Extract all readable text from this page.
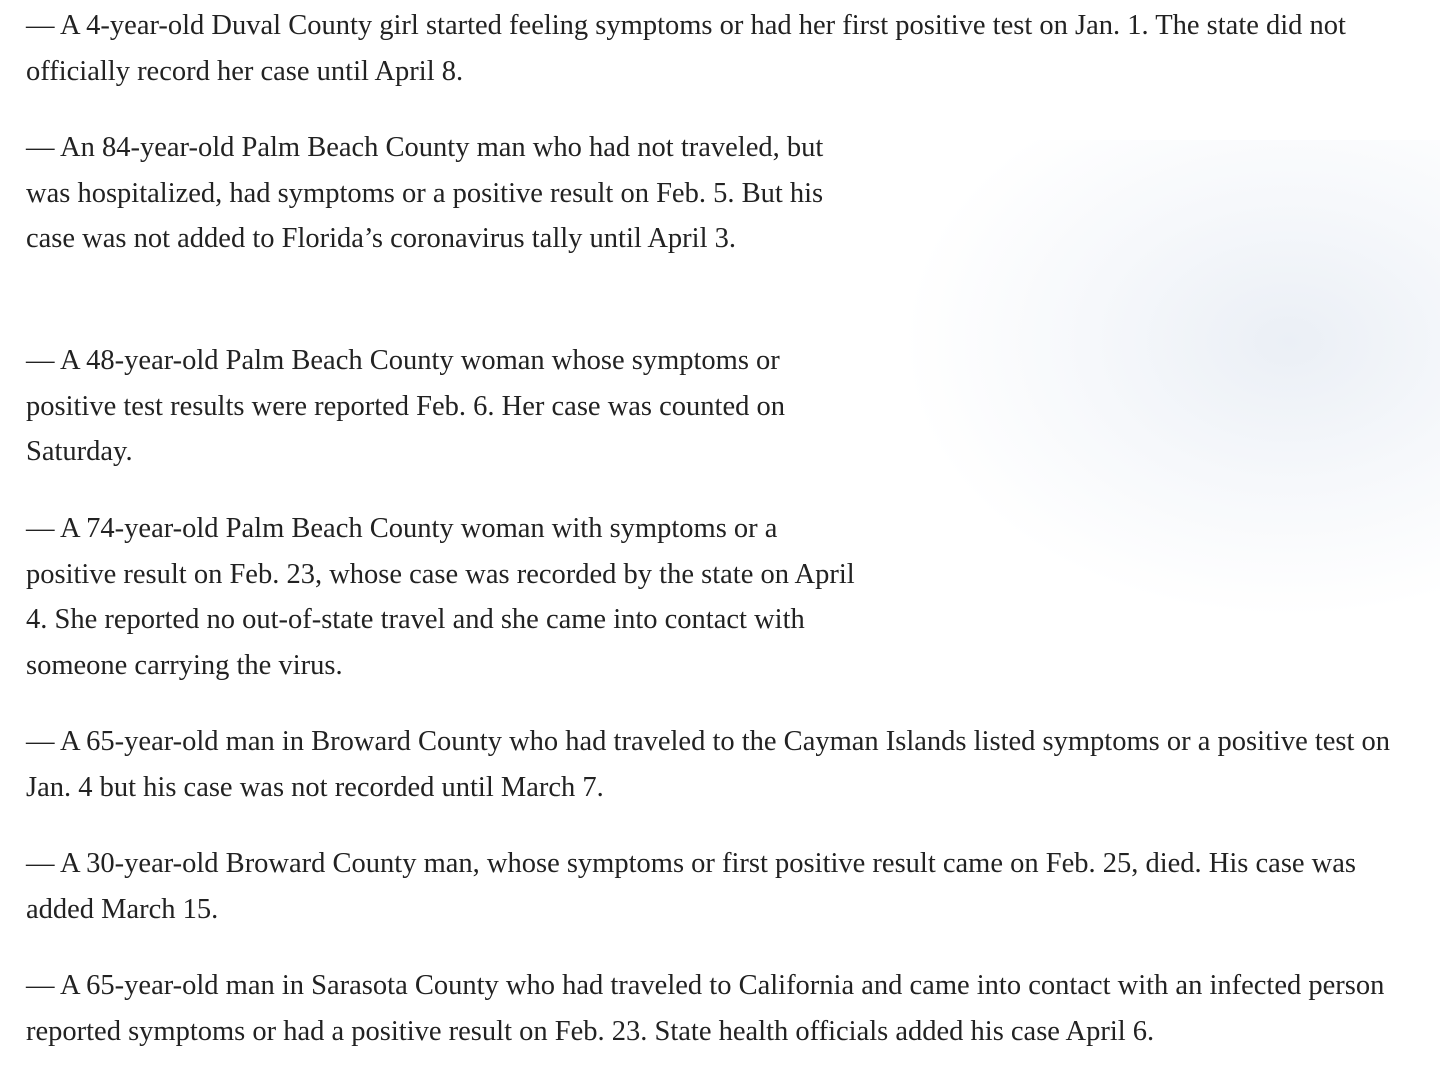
— A 4-year-old Duval County girl started feeling symptoms or had her first positive test on Jan. 1. The state did not officially record her case until April 8.

— An 84-year-old Palm Beach County man who had not traveled, but was hospitalized, had symptoms or a positive result on Feb. 5. But his case was not added to Florida’s coronavirus tally until April 3.

— A 48-year-old Palm Beach County woman whose symptoms or positive test results were reported Feb. 6. Her case was counted on Saturday.

— A 74-year-old Palm Beach County woman with symptoms or a positive result on Feb. 23, whose case was recorded by the state on April 4. She reported no out-of-state travel and she came into contact with someone carrying the virus.

— A 65-year-old man in Broward County who had traveled to the Cayman Islands listed symptoms or a positive test on Jan. 4 but his case was not recorded until March 7.

— A 30-year-old Broward County man, whose symptoms or first positive result came on Feb. 25, died. His case was added March 15.

— A 65-year-old man in Sarasota County who had traveled to California and came into contact with an infected person reported symptoms or had a positive result on Feb. 23. State health officials added his case April 6.
